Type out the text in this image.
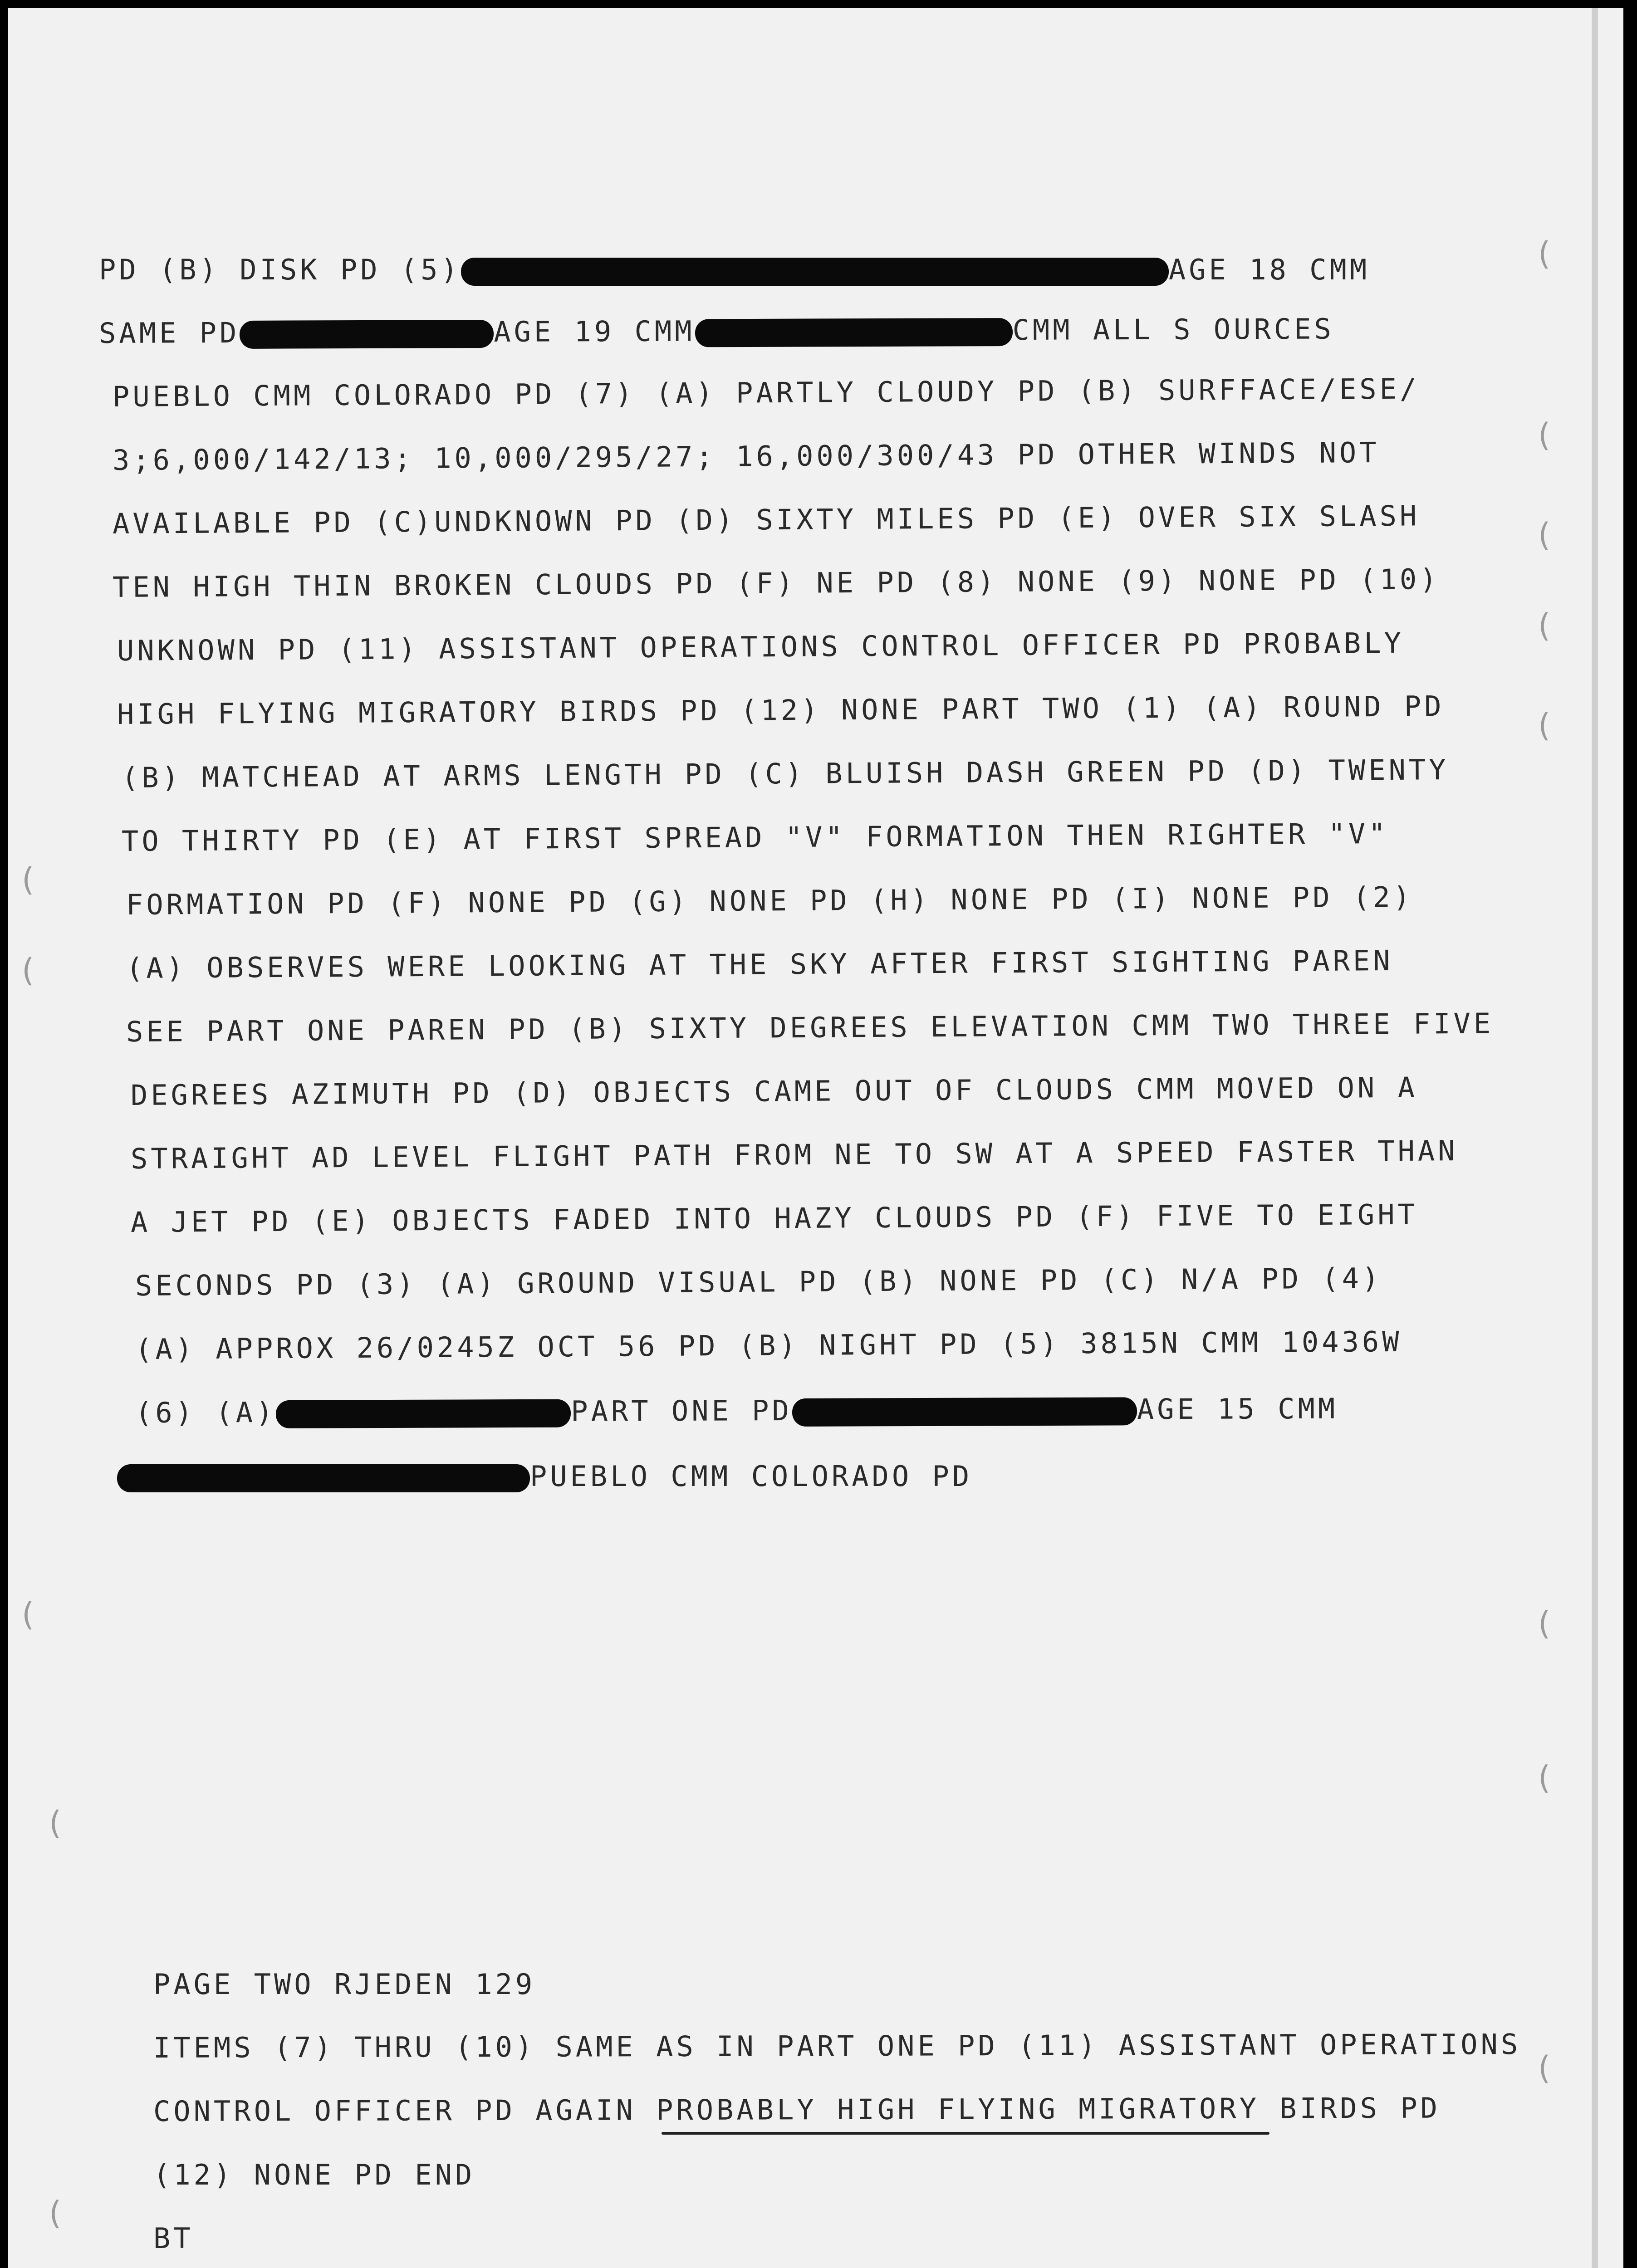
(
(
(
(
(
(
(
(
(
(
(
(
(

PD (B) DISK PD (5)	AGE 18 CMM

SAME PD	AGE 19 CMM	CMM ALL S OURCES

PUEBLO CMM COLORADO PD (7) (A) PARTLY CLOUDY PD (B) SURFFACE/ESE/

3;6,000/142/13; 10,000/295/27; 16,000/300/43 PD OTHER WINDS NOT

AVAILABLE PD (C)UNDKNOWN PD (D) SIXTY MILES PD (E) OVER SIX SLASH

TEN HIGH THIN BROKEN CLOUDS PD (F) NE PD (8) NONE (9) NONE PD (10)

UNKNOWN PD (11) ASSISTANT OPERATIONS CONTROL OFFICER PD PROBABLY

HIGH FLYING MIGRATORY BIRDS PD (12) NONE PART TWO (1) (A) ROUND PD

(B) MATCHEAD AT ARMS LENGTH PD (C) BLUISH DASH GREEN PD (D) TWENTY

TO THIRTY PD (E) AT FIRST SPREAD "V" FORMATION THEN RIGHTER "V"

FORMATION PD (F) NONE PD (G) NONE PD (H) NONE PD (I) NONE PD (2)

(A) OBSERVES WERE LOOKING AT THE SKY AFTER FIRST SIGHTING PAREN

SEE PART ONE PAREN PD (B) SIXTY DEGREES ELEVATION CMM TWO THREE FIVE

DEGREES AZIMUTH PD (D) OBJECTS CAME OUT OF CLOUDS CMM MOVED ON A

STRAIGHT AD LEVEL FLIGHT PATH FROM NE TO SW AT A SPEED FASTER THAN

A JET PD (E) OBJECTS FADED INTO HAZY CLOUDS PD (F) FIVE TO EIGHT

SECONDS PD (3) (A) GROUND VISUAL PD (B) NONE PD (C) N/A PD (4)

(A) APPROX 26/0245Z OCT 56 PD (B) NIGHT PD (5) 3815N CMM 10436W

(6) (A)	PART ONE PD	AGE 15 CMM

PUEBLO CMM COLORADO PD

PAGE TWO RJEDEN 129

ITEMS (7) THRU (10) SAME AS IN PART ONE PD (11) ASSISTANT OPERATIONS

CONTROL OFFICER PD AGAIN PROBABLY HIGH FLYING MIGRATORY BIRDS PD

(12) NONE PD END

BT
